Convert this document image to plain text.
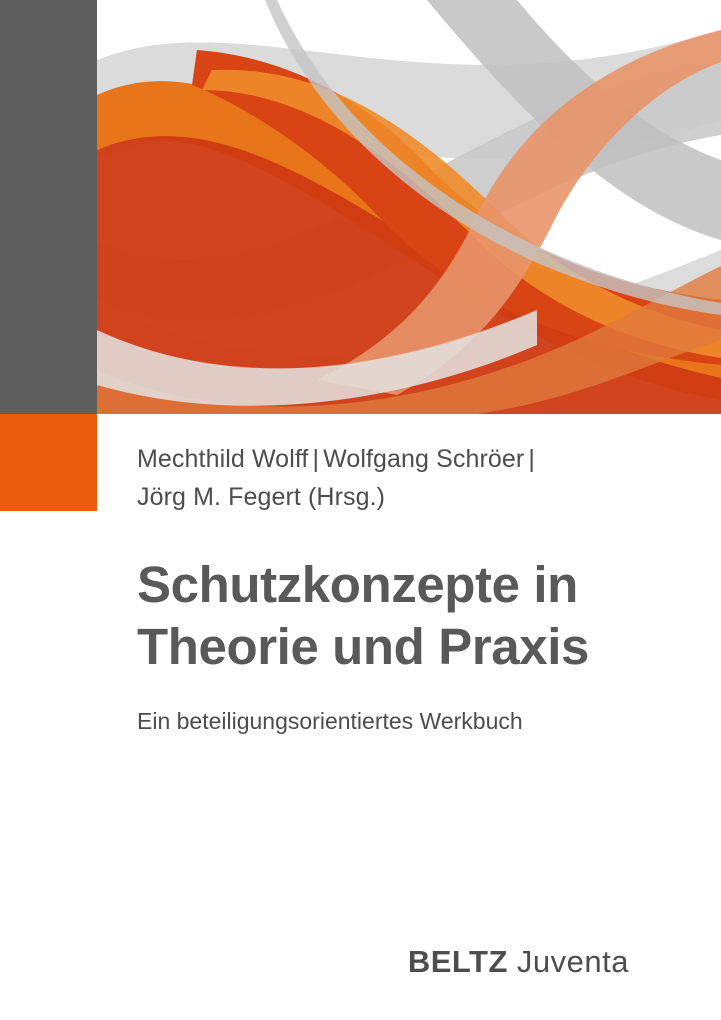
Mechthild Wolff | Wolfgang Schröer |
Jörg M. Fegert (Hrsg.)
Schutzkonzepte in Theorie und Praxis
Ein beteiligungsorientiertes Werkbuch
BELTZ Juventa
